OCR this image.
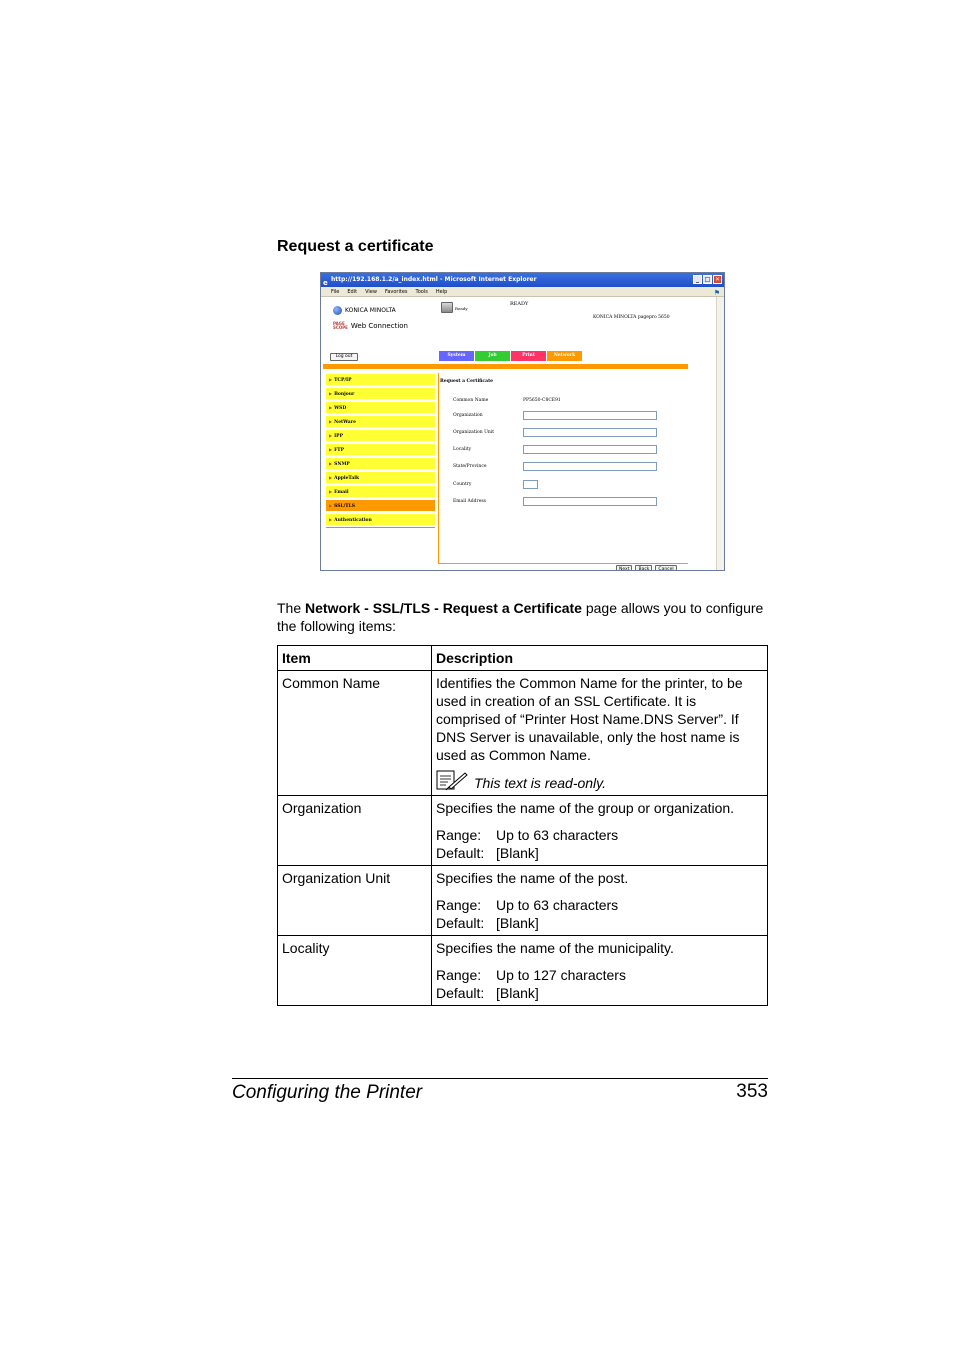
Request a certificate
e http://192.168.1.2/a_index.html - Microsoft Internet Explorer	_ □ ✕
File Edit View Favorites Tools Help	⚑
KONICA MINOLTA
PAGE
SCOPE Web Connection
Ready
READY
KONICA MINOLTA pagepro 5650
Log out	System	Job	Print	Network
▶ TCP/IP
▶ Bonjour
▶ WSD
▶ NetWare
▶ IPP
▶ FTP
▶ SNMP
▶ AppleTalk
▶ Email
▶ SSL/TLS
▶ Authentication
Request a Certificate
Common Name	PP5650-C8CE91
Organization
Organization Unit
Locality
State/Province
Country
Email Address
Next	Back	Cancel
The Network - SSL/TLS - Request a Certificate page allows you to configure the following items:
Item	Description
Common Name	Identifies the Common Name for the printer, to be used in creation of an SSL Certificate. It is comprised of “Printer Host Name.DNS Server”. If DNS Server is unavailable, only the host name is used as Common Name.
This text is read-only.

Organization	Specifies the name of the group or organization.
Range: Up to 63 characters
Default: [Blank]

Organization Unit	Specifies the name of the post.
Range: Up to 63 characters
Default: [Blank]

Locality	Specifies the name of the municipality.
Range: Up to 127 characters
Default: [Blank]
Configuring the Printer	353
